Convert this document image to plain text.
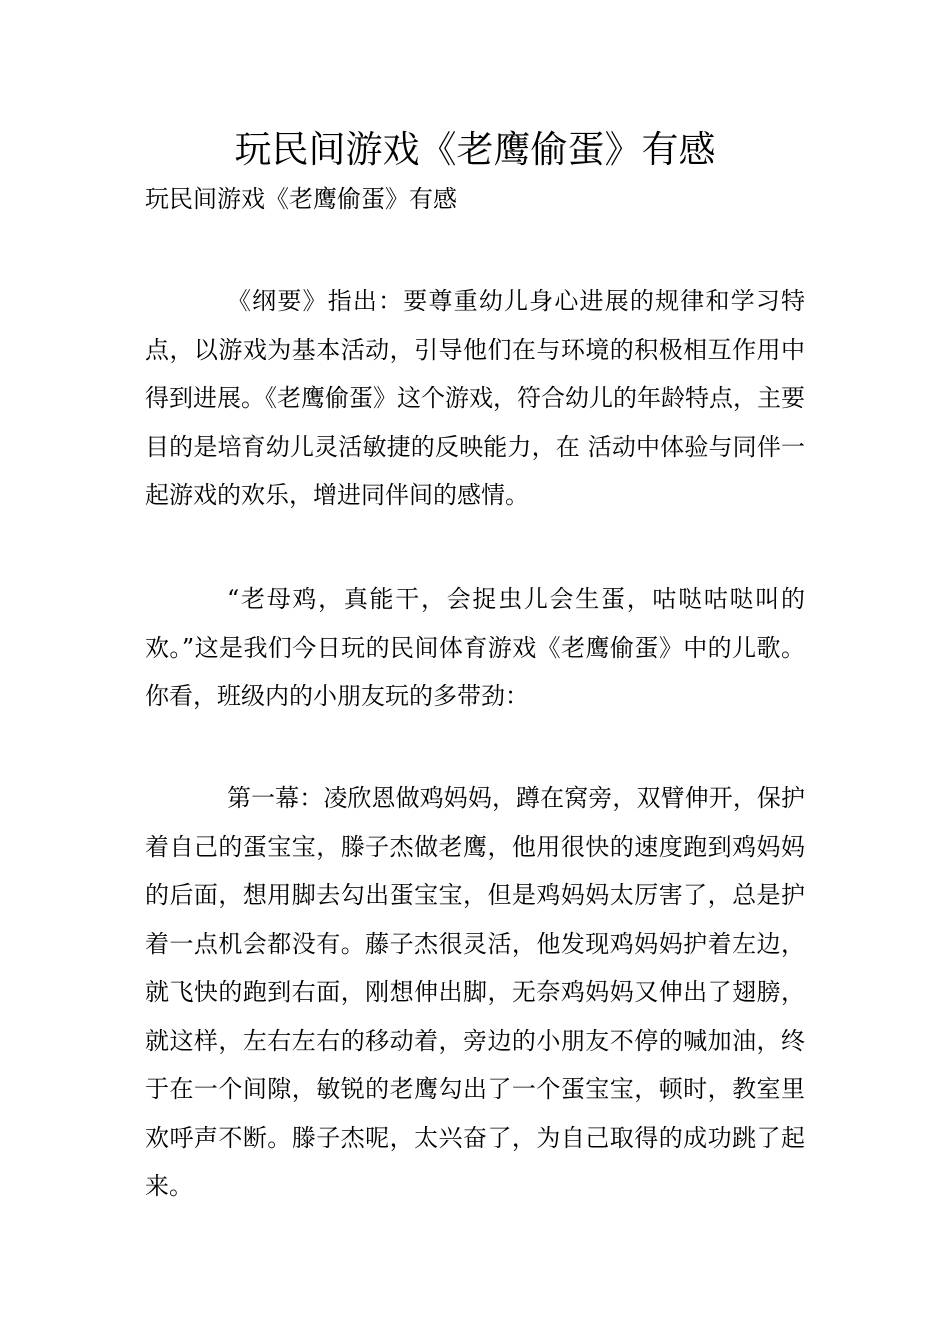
玩民间游戏《老鹰偷蛋》有感
玩民间游戏《老鹰偷蛋》有感

《纲要》指出：要尊重幼儿身心进展的规律和学习特点，以游戏为基本活动，引导他们在与环境的积极相互作用中得到进展。《老鹰偷蛋》这个游戏，符合幼儿的年龄特点，主要目的是培育幼儿灵活敏捷的反映能力，在 活动中体验与同伴一起游戏的欢乐，增进同伴间的感情。

“老母鸡，真能干，会捉虫儿会生蛋，咕哒咕哒叫的欢。”这是我们今日玩的民间体育游戏《老鹰偷蛋》中的儿歌。你看，班级内的小朋友玩的多带劲：

第一幕：凌欣恩做鸡妈妈，蹲在窝旁，双臂伸开，保护着自己的蛋宝宝，滕子杰做老鹰，他用很快的速度跑到鸡妈妈的后面，想用脚去勾出蛋宝宝，但是鸡妈妈太厉害了，总是护着一点机会都没有。藤子杰很灵活，他发现鸡妈妈护着左边，就飞快的跑到右面，刚想伸出脚，无奈鸡妈妈又伸出了翅膀，就这样，左右左右的移动着，旁边的小朋友不停的喊加油，终于在一个间隙，敏锐的老鹰勾出了一个蛋宝宝，顿时，教室里欢呼声不断。滕子杰呢，太兴奋了，为自己取得的成功跳了起来。
